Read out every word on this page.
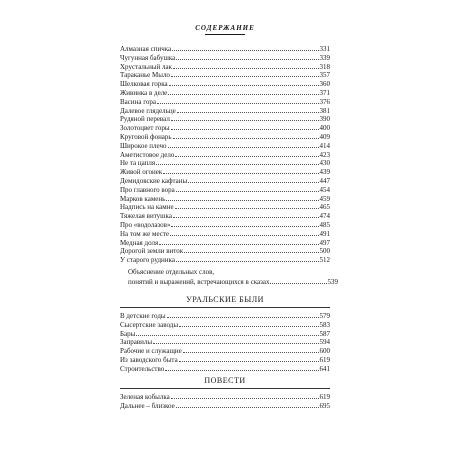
СОДЕРЖАНИЕ
Алмазная спичка	331
Чугунная бабушка	339
Хрустальный лак	318
Тараканье Мыло	357
Шелковая горка	360
Живинка в деле	371
Васина гора	376
Далевое глядельце	381
Рудяной перевал	390
Золотоцвет горы	400
Круговой фонарь	409
Широкое плечо	414
Аметистовое дело	423
Не та цапля	430
Живой огонек	439
Демидовские кафтаны	447
Про главного вора	454
Марков камень	459
Надпись на камне	465
Тяжелая витушка	474
Про «водолазов»	485
На том же месте	491
Медная доля	497
Дорогой земли виток	500
У старого рудника	512
Объяснение отдельных слов,
понятий и выражений, встречающихся в сказах	539
УРАЛЬСКИЕ БЫЛИ
В детские годы	579
Сысертские заводы	583
Бары	587
Заправилы	594
Рабочие и служащие	600
Из заводского быта	619
Строительство	641
ПОВЕСТИ
Зеленая кобылка	619
Дальнее – близкое	695
